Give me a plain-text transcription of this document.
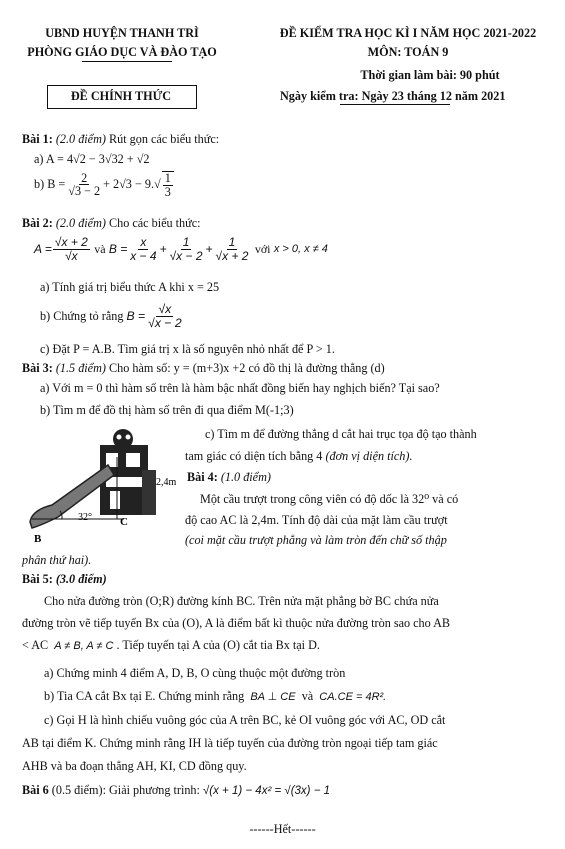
UBND HUYỆN THANH TRÌ
PHÒNG GIÁO DỤC VÀ ĐÀO TẠO
ĐỀ KIỂM TRA HỌC KÌ I NĂM HỌC 2021-2022
MÔN: TOÁN 9
Thời gian làm bài: 90 phút
ĐỀ CHÍNH THỨC	Ngày kiểm tra: Ngày 23 tháng 12 năm 2021
Bài 1: (2.0 điểm) Rút gọn các biểu thức:
a) A = 4√2 − 3√32 + √2
b)
$B = \frac{2}{√3 - 2} + 2√3 - 9$. √ $\frac{1}{3}$
Bài 2: (2.0 điểm) Cho các biểu thức:
$A = \frac{√x + 2}{√x}$
và
$B = \frac{x}{x - 4} + \frac{1}{√x - 2} + \frac{1}{√x + 2}$
với
x > 0, x ≠ 4
a) Tính giá trị biểu thức A khi x = 25
b) Chứng tỏ rằng
$B = \frac{√x}{√x - 2}$
c) Đặt P = A.B. Tìm giá trị x là số nguyên nhỏ nhất để P > 1.
Bài 3: (1.5 điểm) Cho hàm số: y = (m+3)x +2 có đồ thị là đường thẳng (d)
a) Với m = 0 thì hàm số trên là hàm bậc nhất đồng biến hay nghịch biến? Tại sao?
b) Tìm m để đồ thị hàm số trên đi qua điểm M(-1;3)
c) Tìm m để đường thẳng d cắt hai trục tọa độ tạo thành
tam giác có diện tích bằng 4 (đơn vị diện tích).
32°
2,4m
C
B
Bài 4: (1.0 điểm)
Một cầu trượt trong công viên có độ dốc là 32⁰ và có
độ cao AC là 2,4m. Tính độ dài của mặt làm cầu trượt
(coi mặt cầu trượt phẳng và làm tròn đến chữ số thập
phân thứ hai).
Bài 5: (3.0 điểm)
Cho nửa đường tròn (O;R) đường kính BC. Trên nửa mặt phẳng bờ BC chứa nửa
đường tròn vẽ tiếp tuyến Bx của (O), A là điểm bất kì thuộc nửa đường tròn sao cho AB
< AC A ≠ B, A ≠ C . Tiếp tuyến tại A của (O) cắt tia Bx tại D.
a) Chứng minh 4 điểm A, D, B, O cùng thuộc một đường tròn
b) Tia CA cắt Bx tại E. Chứng minh rằng BA ⊥ CE và CA.CE = 4R².
c) Gọi H là hình chiếu vuông góc của A trên BC, kẻ OI vuông góc với AC, OD cắt
AB tại điểm K. Chứng minh rằng IH là tiếp tuyến của đường tròn ngoại tiếp tam giác
AHB và ba đoạn thẳng AH, KI, CD đồng quy.
Bài 6 (0.5 điểm): Giải phương trình: √(x + 1) − 4x² = √(3x) − 1
------Hết------
